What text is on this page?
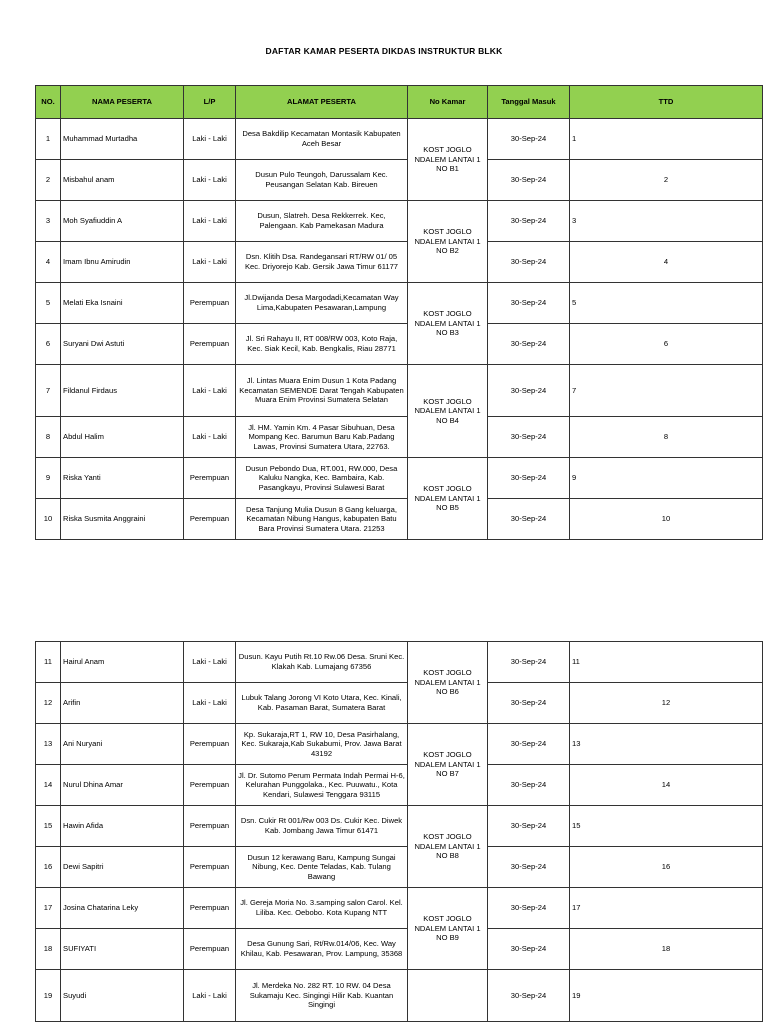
DAFTAR KAMAR PESERTA DIKDAS INSTRUKTUR BLKK
NO.	NAMA PESERTA	L/P	ALAMAT PESERTA	No Kamar	Tanggal Masuk	TTD
1	Muhammad Murtadha	Laki - Laki	Desa Bakdilip Kecamatan Montasik Kabupaten Aceh Besar	KOST JOGLO NDALEM LANTAI 1 NO B1	30-Sep-24	1
2	Misbahul anam	Laki - Laki	Dusun Pulo Teungoh, Darussalam Kec. Peusangan Selatan Kab. Bireuen		30-Sep-24	2
3	Moh Syafiuddin A	Laki - Laki	Dusun, Slatreh. Desa Rekkerrek. Kec, Palengaan. Kab Pamekasan Madura	KOST JOGLO NDALEM LANTAI 1 NO B2	30-Sep-24	3
4	Imam Ibnu Amirudin	Laki - Laki	Dsn. Klitih Dsa. Randegansari RT/RW 01/ 05 Kec. Driyorejo Kab. Gersik Jawa Timur 61177		30-Sep-24	4
5	Melati Eka Isnaini	Perempuan	Jl.Dwijanda Desa Margodadi,Kecamatan Way Lima,Kabupaten Pesawaran,Lampung	KOST JOGLO NDALEM LANTAI 1 NO B3	30-Sep-24	5
6	Suryani Dwi Astuti	Perempuan	Jl. Sri Rahayu II, RT 008/RW 003, Koto Raja, Kec. Siak Kecil, Kab. Bengkalis, Riau 28771		30-Sep-24	6
7	Fildanul Firdaus	Laki - Laki	Jl. Lintas Muara Enim Dusun 1 Kota Padang Kecamatan SEMENDE Darat Tengah Kabupaten Muara Enim Provinsi Sumatera Selatan	KOST JOGLO NDALEM LANTAI 1 NO B4	30-Sep-24	7
8	Abdul Halim	Laki - Laki	Jl. HM. Yamin Km. 4 Pasar Sibuhuan, Desa Mompang Kec. Barumun Baru Kab.Padang Lawas, Provinsi Sumatera Utara, 22763.		30-Sep-24	8
9	Riska Yanti	Perempuan	Dusun Pebondo Dua, RT.001, RW.000, Desa Kaluku Nangka, Kec. Bambaira, Kab. Pasangkayu, Provinsi Sulawesi Barat	KOST JOGLO NDALEM LANTAI 1 NO B5	30-Sep-24	9
10	Riska Susmita Anggraini	Perempuan	Desa Tanjung Mulia Dusun 8 Gang keluarga, Kecamatan Nibung Hangus, kabupaten Batu Bara Provinsi Sumatera Utara. 21253		30-Sep-24	10
11	Hairul Anam	Laki - Laki	Dusun. Kayu Putih Rt.10 Rw.06 Desa. Sruni Kec. Klakah Kab. Lumajang 67356	KOST JOGLO NDALEM LANTAI 1 NO B6	30-Sep-24	11
12	Arifin	Laki - Laki	Lubuk Talang Jorong VI Koto Utara, Kec. Kinali, Kab. Pasaman Barat, Sumatera Barat		30-Sep-24	12
13	Ani Nuryani	Perempuan	Kp. Sukaraja,RT 1, RW 10, Desa Pasirhalang, Kec. Sukaraja,Kab Sukabumi, Prov. Jawa Barat 43192	KOST JOGLO NDALEM LANTAI 1 NO B7	30-Sep-24	13
14	Nurul Dhina Amar	Perempuan	Jl. Dr. Sutomo Perum Permata Indah Permai H-6, Kelurahan Punggolaka., Kec. Puuwatu., Kota Kendari, Sulawesi Tenggara 93115		30-Sep-24	14
15	Hawin Afida	Perempuan	Dsn. Cukir Rt 001/Rw 003 Ds. Cukir Kec. Diwek Kab. Jombang Jawa Timur 61471	KOST JOGLO NDALEM LANTAI 1 NO B8	30-Sep-24	15
16	Dewi Sapitri	Perempuan	Dusun 12 kerawang Baru, Kampung Sungai Nibung, Kec. Dente Teladas, Kab. Tulang Bawang		30-Sep-24	16
17	Josina Chatarina Leky	Perempuan	Jl. Gereja Moria No. 3.samping salon Carol. Kel. Liliba. Kec. Oebobo. Kota Kupang NTT	KOST JOGLO NDALEM LANTAI 1 NO B9	30-Sep-24	17
18	SUFIYATI	Perempuan	Desa Gunung Sari, Rt/Rw.014/06, Kec. Way Khilau, Kab. Pesawaran, Prov. Lampung, 35368		30-Sep-24	18
19	Suyudi	Laki - Laki	Jl. Merdeka No. 282 RT. 10 RW. 04 Desa Sukamaju Kec. Singingi Hilir Kab. Kuantan Singingi		30-Sep-24	19
